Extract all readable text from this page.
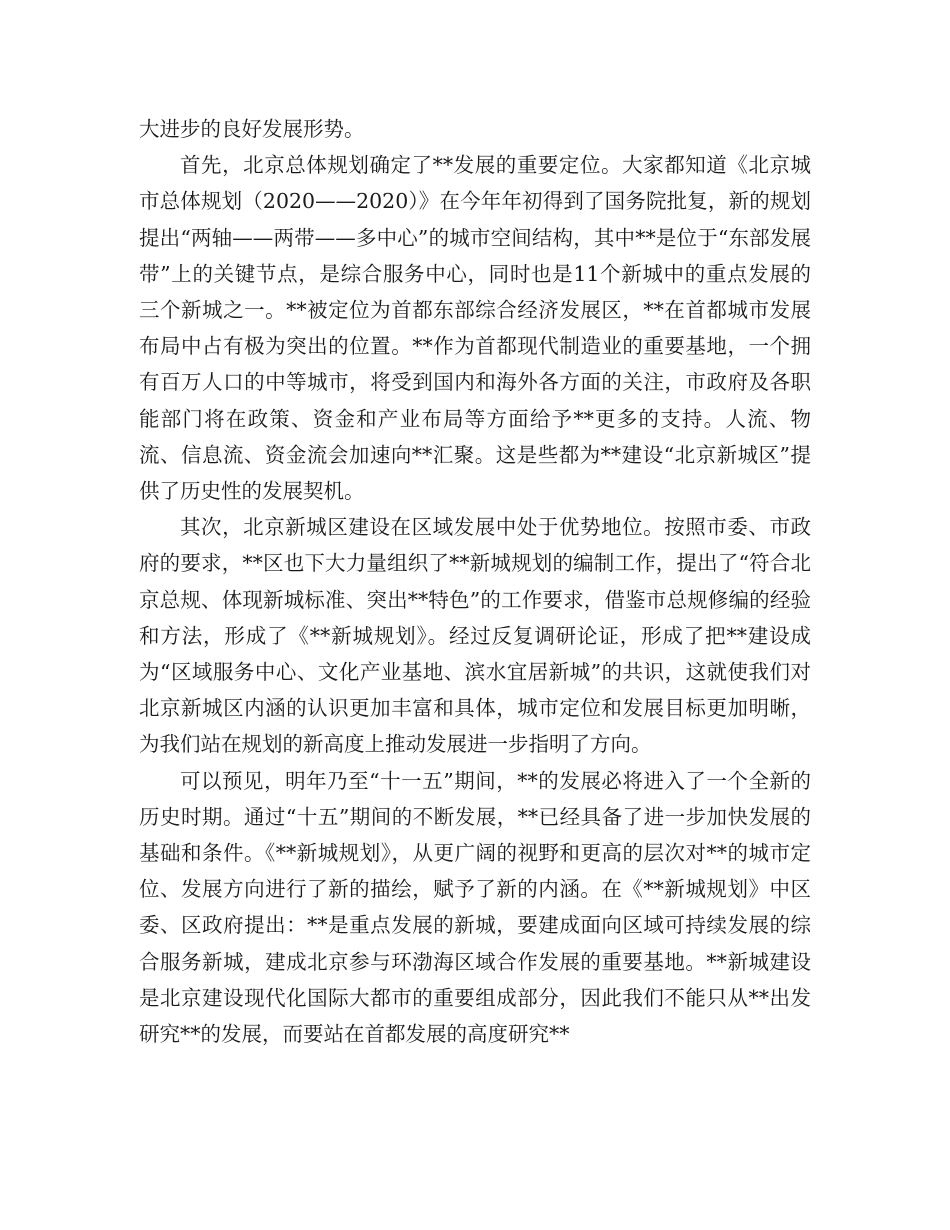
大进步的良好发展形势。

首先，北京总体规划确定了**发展的重要定位。大家都知道《北京城市总体规划（2020——2020）》在今年年初得到了国务院批复，新的规划提出“两轴——两带——多中心”的城市空间结构，其中**是位于“东部发展带”上的关键节点，是综合服务中心，同时也是11个新城中的重点发展的三个新城之一。**被定位为首都东部综合经济发展区，**在首都城市发展布局中占有极为突出的位置。**作为首都现代制造业的重要基地，一个拥有百万人口的中等城市，将受到国内和海外各方面的关注，市政府及各职能部门将在政策、资金和产业布局等方面给予**更多的支持。人流、物流、信息流、资金流会加速向**汇聚。这是些都为**建设“北京新城区”提供了历史性的发展契机。

其次，北京新城区建设在区域发展中处于优势地位。按照市委、市政府的要求，**区也下大力量组织了**新城规划的编制工作，提出了“符合北京总规、体现新城标准、突出**特色”的工作要求，借鉴市总规修编的经验和方法，形成了《**新城规划》。经过反复调研论证，形成了把**建设成为“区域服务中心、文化产业基地、滨水宜居新城”的共识，这就使我们对北京新城区内涵的认识更加丰富和具体，城市定位和发展目标更加明晰，为我们站在规划的新高度上推动发展进一步指明了方向。

可以预见，明年乃至“十一五”期间，**的发展必将进入了一个全新的历史时期。通过“十五”期间的不断发展，**已经具备了进一步加快发展的基础和条件。《**新城规划》，从更广阔的视野和更高的层次对**的城市定位、发展方向进行了新的描绘，赋予了新的内涵。在《**新城规划》中区委、区政府提出：**是重点发展的新城，要建成面向区域可持续发展的综合服务新城，建成北京参与环渤海区域合作发展的重要基地。**新城建设是北京建设现代化国际大都市的重要组成部分，因此我们不能只从**出发研究**的发展，而要站在首都发展的高度研究**
